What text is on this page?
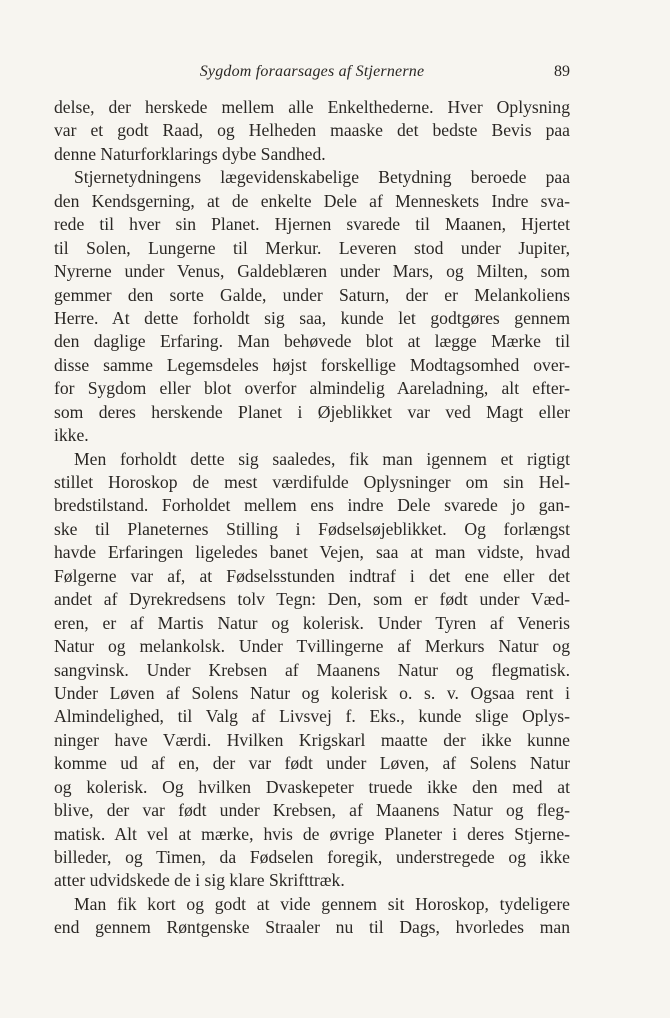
Sygdom foraarsages af Stjernerne	89
delse, der herskede mellem alle Enkelthederne. Hver Oplysning
var et godt Raad, og Helheden maaske det bedste Bevis paa
denne Naturforklarings dybe Sandhed.
Stjernetydningens lægevidenskabelige Betydning beroede paa
den Kendsgerning, at de enkelte Dele af Menneskets Indre sva-
rede til hver sin Planet. Hjernen svarede til Maanen, Hjertet
til Solen, Lungerne til Merkur. Leveren stod under Jupiter,
Nyrerne under Venus, Galdeblæren under Mars, og Milten, som
gemmer den sorte Galde, under Saturn, der er Melankoliens
Herre. At dette forholdt sig saa, kunde let godtgøres gennem
den daglige Erfaring. Man behøvede blot at lægge Mærke til
disse samme Legemsdeles højst forskellige Modtagsomhed over-
for Sygdom eller blot overfor almindelig Aareladning, alt efter-
som deres herskende Planet i Øjeblikket var ved Magt eller
ikke.
Men forholdt dette sig saaledes, fik man igennem et rigtigt
stillet Horoskop de mest værdifulde Oplysninger om sin Hel-
bredstilstand. Forholdet mellem ens indre Dele svarede jo gan-
ske til Planeternes Stilling i Fødselsøjeblikket. Og forlængst
havde Erfaringen ligeledes banet Vejen, saa at man vidste, hvad
Følgerne var af, at Fødselsstunden indtraf i det ene eller det
andet af Dyrekredsens tolv Tegn: Den, som er født under Væd-
eren, er af Martis Natur og kolerisk. Under Tyren af Veneris
Natur og melankolsk. Under Tvillingerne af Merkurs Natur og
sangvinsk. Under Krebsen af Maanens Natur og flegmatisk.
Under Løven af Solens Natur og kolerisk o. s. v. Ogsaa rent i
Almindelighed, til Valg af Livsvej f. Eks., kunde slige Oplys-
ninger have Værdi. Hvilken Krigskarl maatte der ikke kunne
komme ud af en, der var født under Løven, af Solens Natur
og kolerisk. Og hvilken Dvaskepeter truede ikke den med at
blive, der var født under Krebsen, af Maanens Natur og fleg-
matisk. Alt vel at mærke, hvis de øvrige Planeter i deres Stjerne-
billeder, og Timen, da Fødselen foregik, understregede og ikke
atter udvidskede de i sig klare Skrifttræk.
Man fik kort og godt at vide gennem sit Horoskop, tydeligere
end gennem Røntgenske Straaler nu til Dags, hvorledes man
